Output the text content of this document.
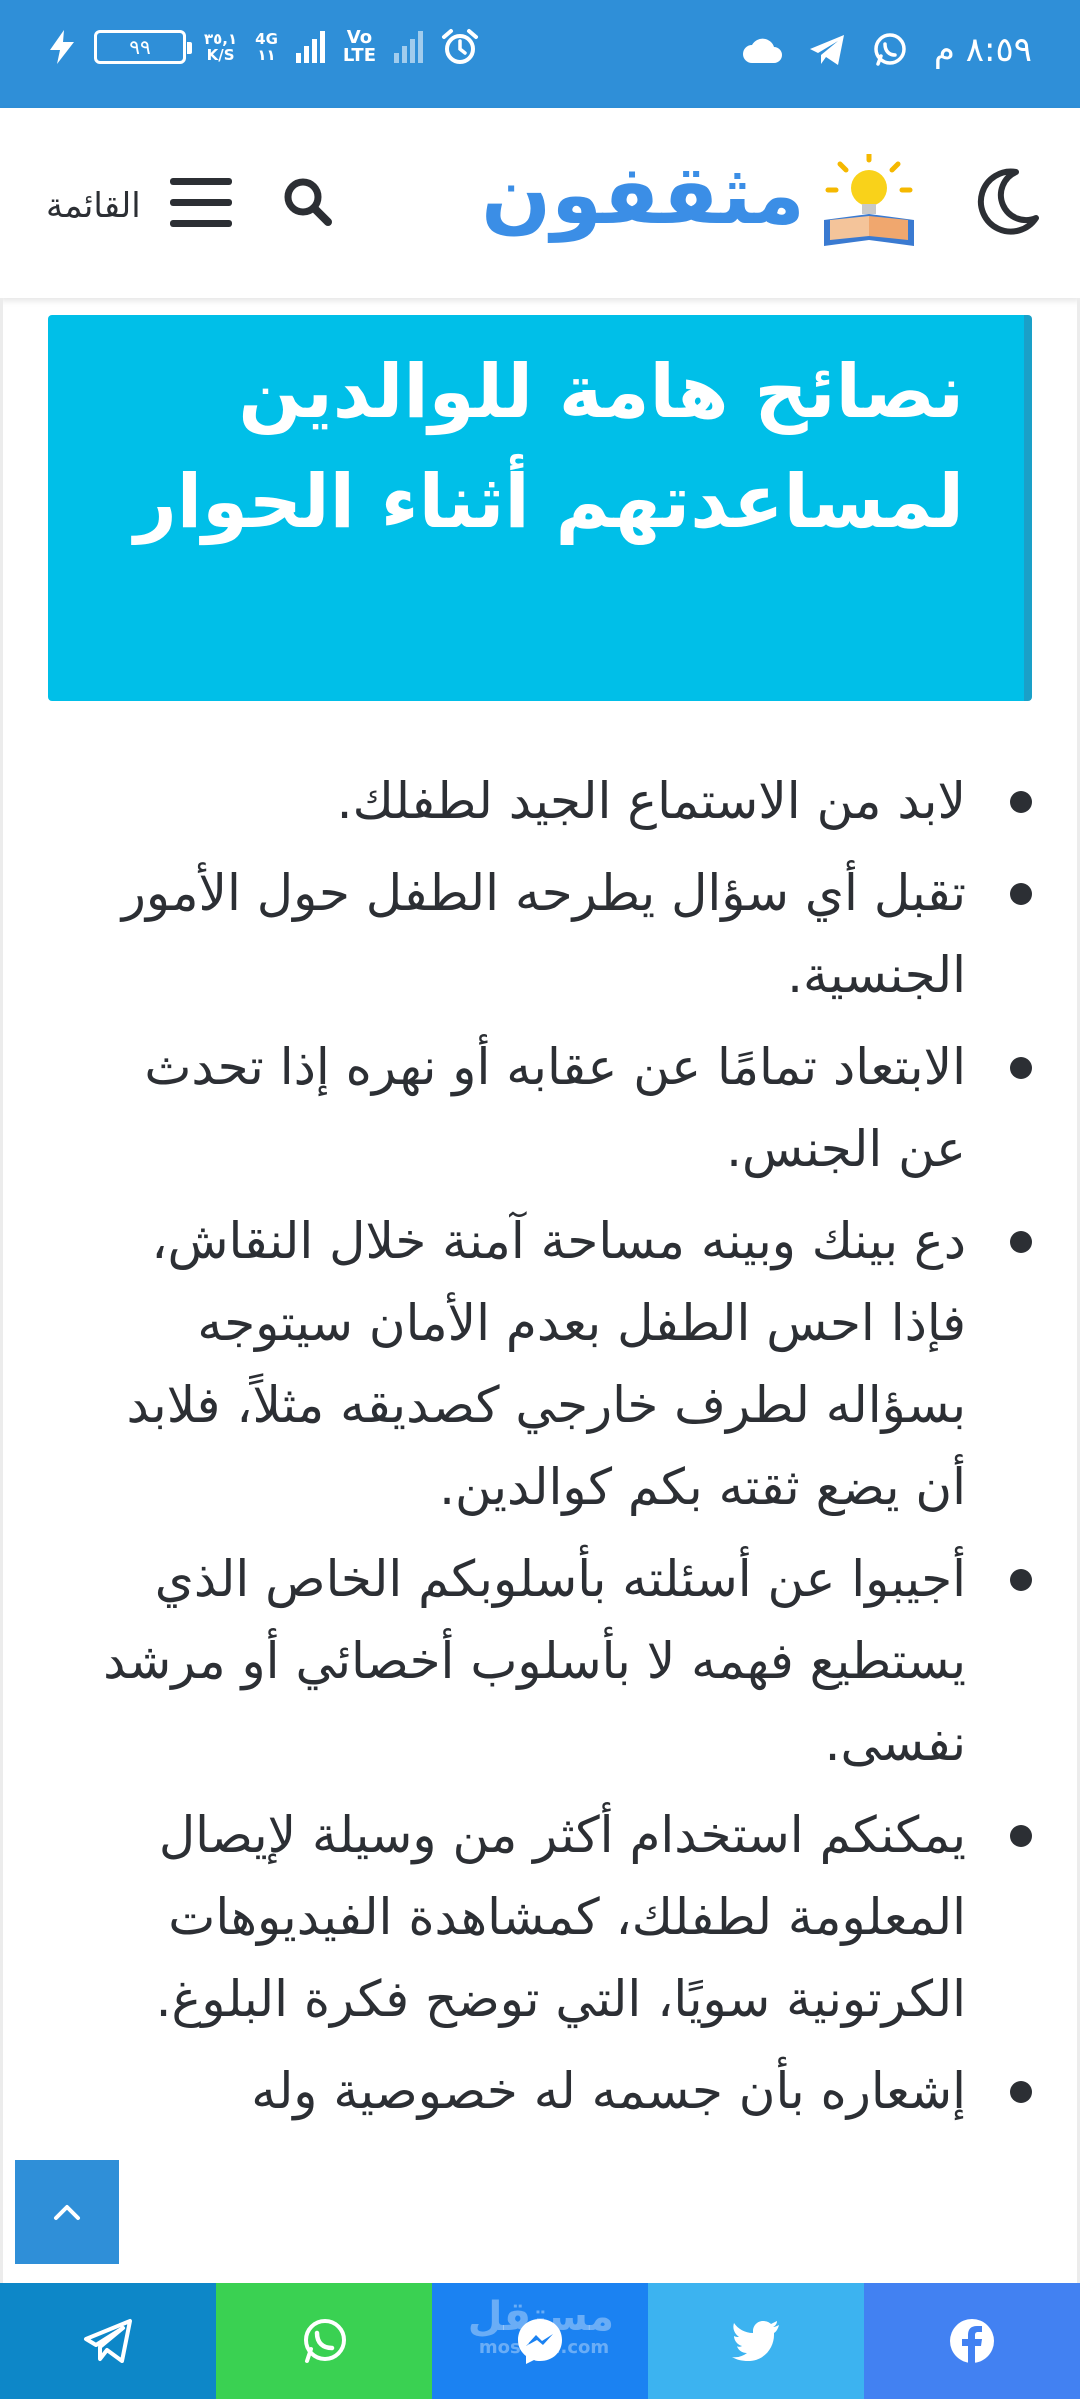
٩٩	٣٥,١
K/S
4G
١١
Vo
LTE	٨:٥٩ م
القائمة	مثقفون
نصائح هامة للوالدين لمساعدتهم أثناء الحوار
لابد من الاستماع الجيد لطفلك.
تقبل أي سؤال يطرحه الطفل حول الأمور الجنسية.
الابتعاد تمامًا عن عقابه أو نهره إذا تحدث عن الجنس.
دع بينك وبينه مساحة آمنة خلال النقاش، فإذا احس الطفل بعدم الأمان سيتوجه بسؤاله لطرف خارجي كصديقه مثلاً، فلابد أن يضع ثقته بكم كوالدين.
أجيبوا عن أسئلته بأسلوبكم الخاص الذي يستطيع فهمه لا بأسلوب أخصائي أو مرشد نفسى.
يمكنكم استخدام أكثر من وسيلة لإيصال المعلومة لطفلك، كمشاهدة الفيديوهات الكرتونية سويًا، التي توضح فكرة البلوغ.
إشعاره بأن جسمه له خصوصية وله
مستقل
mostaql.com
